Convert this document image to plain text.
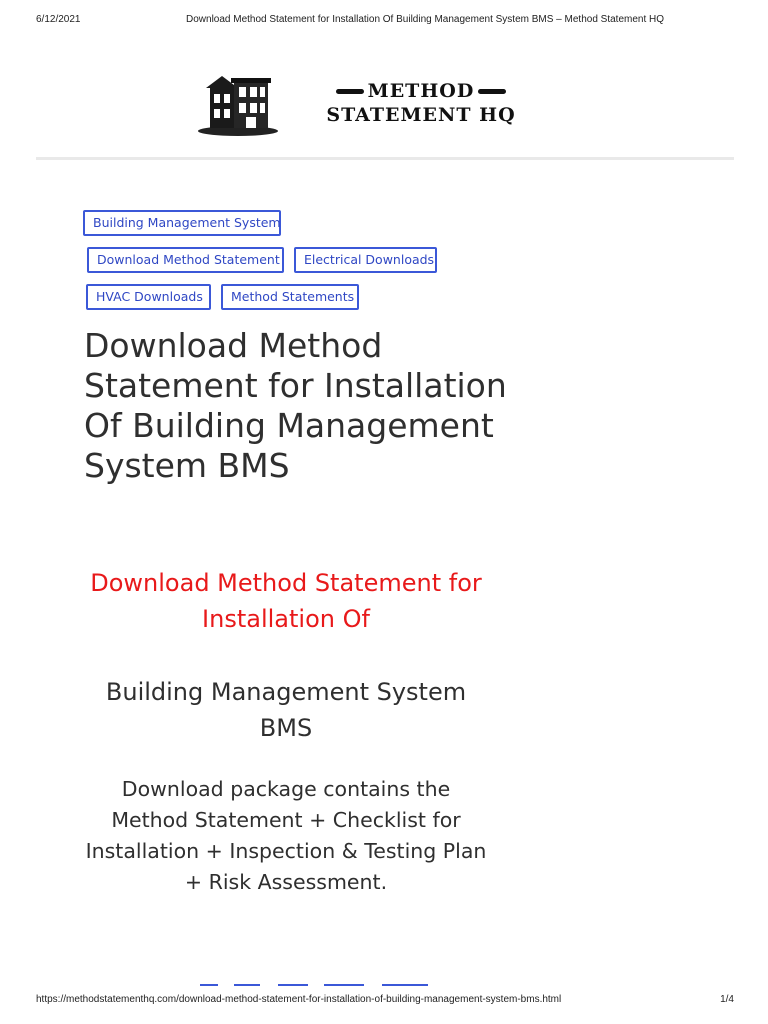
6/12/2021	Download Method Statement for Installation Of Building Management System BMS – Method Statement HQ
METHOD
STATEMENT HQ
Building Management System
Download Method Statement	Electrical Downloads
HVAC Downloads	Method Statements
Download Method Statement for Installation Of Building Management System BMS
Download Method Statement for Installation Of
Building Management System BMS
Download package contains the Method Statement + Checklist for Installation + Inspection & Testing Plan + Risk Assessment.
https://methodstatementhq.com/download-method-statement-for-installation-of-building-management-system-bms.html	1/4
